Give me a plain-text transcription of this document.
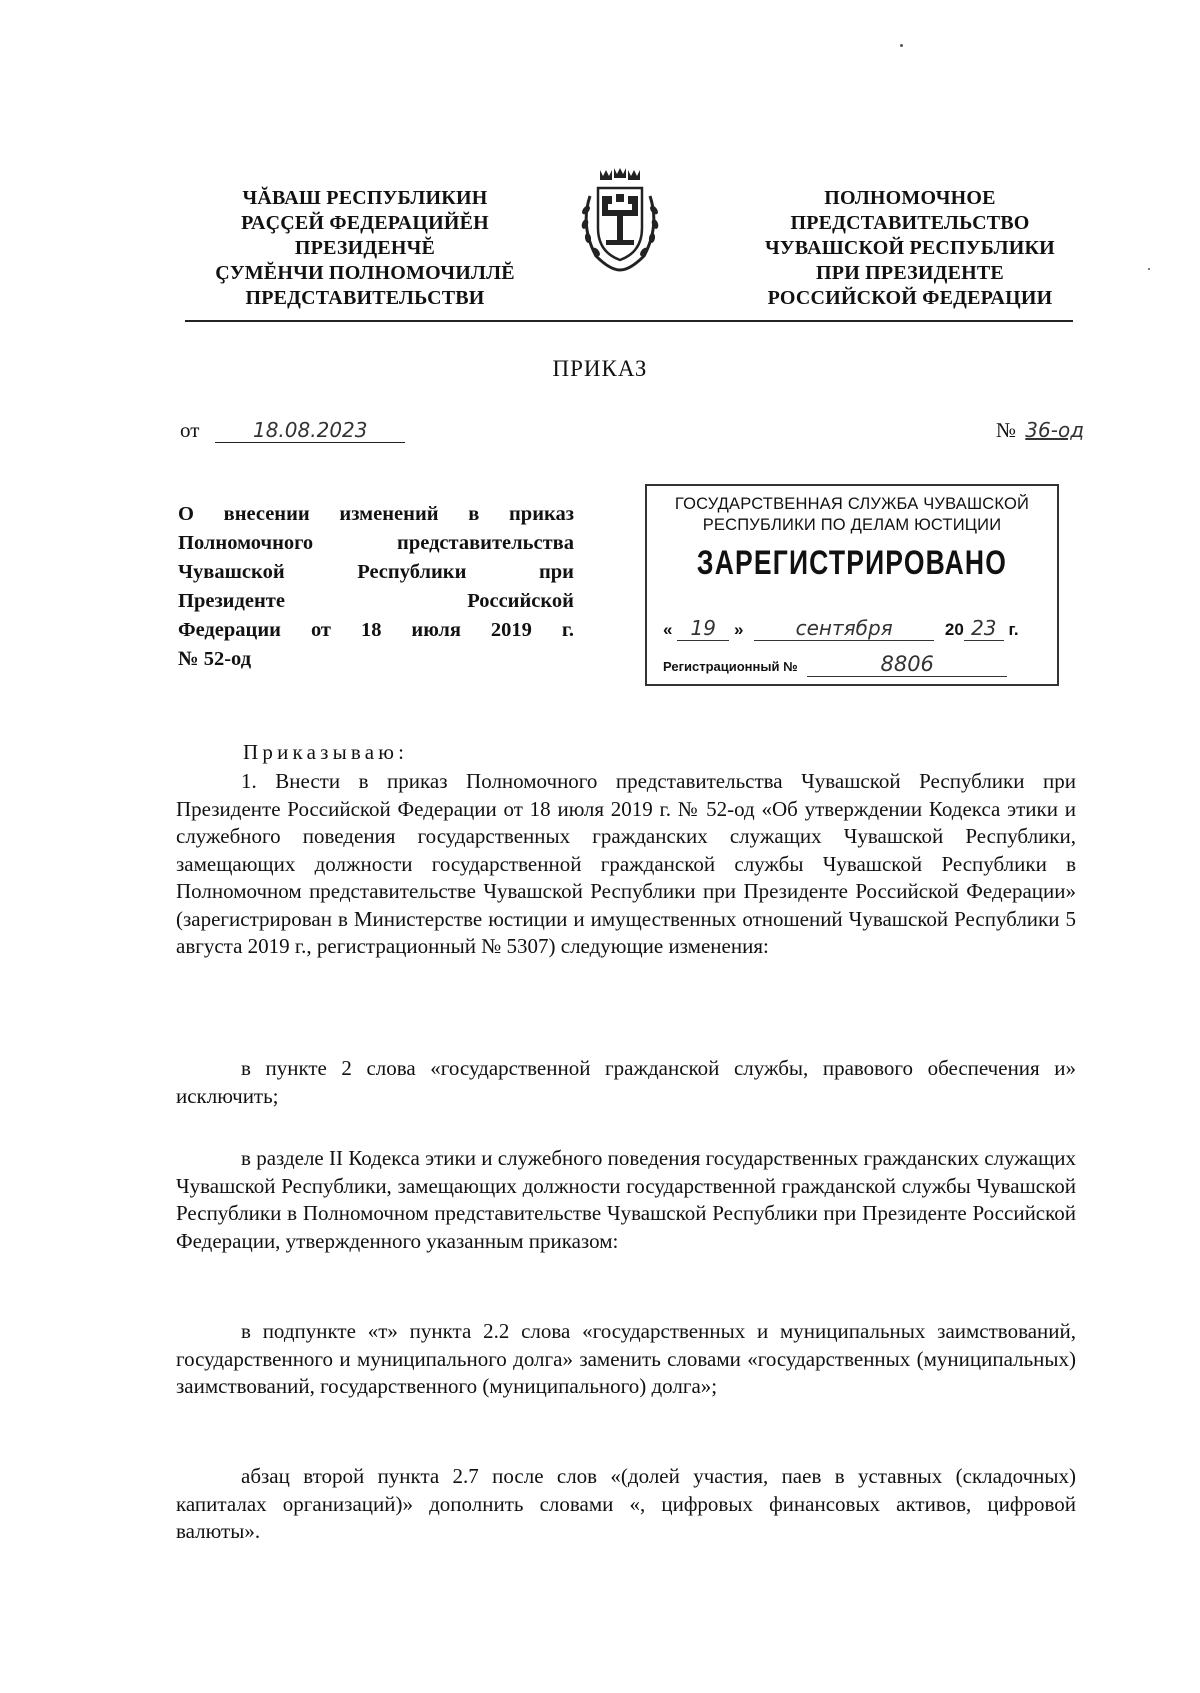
ЧĂВАШ РЕСПУБЛИКИН
РАҪҪЕЙ ФЕДЕРАЦИЙĔН
ПРЕЗИДЕНЧĔ
ҪУМĔНЧИ ПОЛНОМОЧИЛЛĔ
ПРЕДСТАВИТЕЛЬСТВИ
ПОЛНОМОЧНОЕ
ПРЕДСТАВИТЕЛЬСТВО
ЧУВАШСКОЙ РЕСПУБЛИКИ
ПРИ ПРЕЗИДЕНТЕ
РОССИЙСКОЙ ФЕДЕРАЦИИ
ПРИКАЗ
от	18.08.2023	№ 36-од
О внесении изменений в приказ
Полномочного представительства
Чувашской Республики при
Президенте Российской
Федерации от 18 июля 2019 г.
№ 52-од
ГОСУДАРСТВЕННАЯ СЛУЖБА ЧУВАШСКОЙ
РЕСПУБЛИКИ ПО ДЕЛАМ ЮСТИЦИИ
ЗАРЕГИСТРИРОВАНО
« 19 »	сентября	20 23 г.
Регистрационный №	8806
Приказываю:

1. Внести в приказ Полномочного представительства Чувашской Республики при Президенте Российской Федерации от 18 июля 2019 г. № 52-од «Об утверждении Кодекса этики и служебного поведения государственных гражданских служащих Чувашской Республики, замещающих должности государственной гражданской службы Чувашской Республики в Полномочном представительстве Чувашской Республики при Президенте Российской Федерации» (зарегистрирован в Министерстве юстиции и имущественных отношений Чувашской Республики 5 августа 2019 г., регистрационный № 5307) следующие изменения:

в пункте 2 слова «государственной гражданской службы, правового обеспечения и» исключить;

в разделе II Кодекса этики и служебного поведения государственных гражданских служащих Чувашской Республики, замещающих должности государственной гражданской службы Чувашской Республики в Полномочном представительстве Чувашской Республики при Президенте Российской Федерации, утвержденного указанным приказом:

в подпункте «т» пункта 2.2 слова «государственных и муниципальных заимствований, государственного и муниципального долга» заменить словами «государственных (муниципальных) заимствований, государственного (муниципального) долга»;

абзац второй пункта 2.7 после слов «(долей участия, паев в уставных (складочных) капиталах организаций)» дополнить словами «, цифровых финансовых активов, цифровой валюты».
